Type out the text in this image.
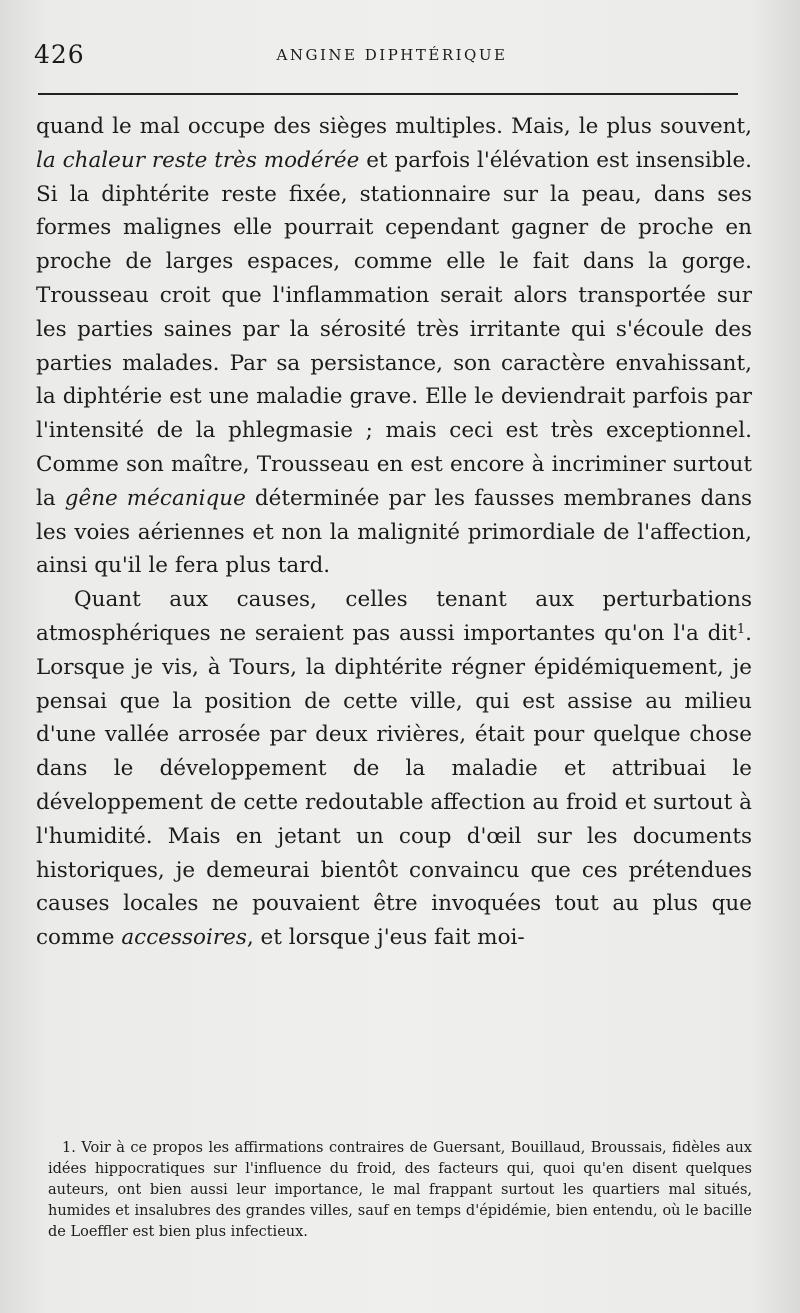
426	ANGINE DIPHTÉRIQUE

quand le mal occupe des sièges multiples. Mais, le plus souvent, la chaleur reste très modérée et parfois l'élévation est insensible. Si la diphtérite reste fixée, stationnaire sur la peau, dans ses formes malignes elle pourrait cependant gagner de proche en proche de larges espaces, comme elle le fait dans la gorge. Trousseau croit que l'inflammation serait alors transportée sur les parties saines par la sérosité très irritante qui s'écoule des parties malades. Par sa persistance, son caractère envahissant, la diphtérie est une maladie grave. Elle le deviendrait parfois par l'intensité de la phlegmasie ; mais ceci est très exceptionnel. Comme son maître, Trousseau en est encore à incriminer surtout la gêne mécanique déterminée par les fausses membranes dans les voies aériennes et non la malignité primordiale de l'affection, ainsi qu'il le fera plus tard.

Quant aux causes, celles tenant aux perturbations atmosphériques ne seraient pas aussi importantes qu'on l'a dit$^1$. Lorsque je vis, à Tours, la diphtérite régner épidémiquement, je pensai que la position de cette ville, qui est assise au milieu d'une vallée arrosée par deux rivières, était pour quelque chose dans le développement de la maladie et attribuai le développement de cette redoutable affection au froid et surtout à l'humidité. Mais en jetant un coup d'œil sur les documents historiques, je demeurai bientôt convaincu que ces prétendues causes locales ne pouvaient être invoquées tout au plus que comme accessoires, et lorsque j'eus fait moi-

1. Voir à ce propos les affirmations contraires de Guersant, Bouillaud, Broussais, fidèles aux idées hippocratiques sur l'influence du froid, des facteurs qui, quoi qu'en disent quelques auteurs, ont bien aussi leur importance, le mal frappant surtout les quartiers mal situés, humides et insalubres des grandes villes, sauf en temps d'épidémie, bien entendu, où le bacille de Loeffler est bien plus infectieux.
